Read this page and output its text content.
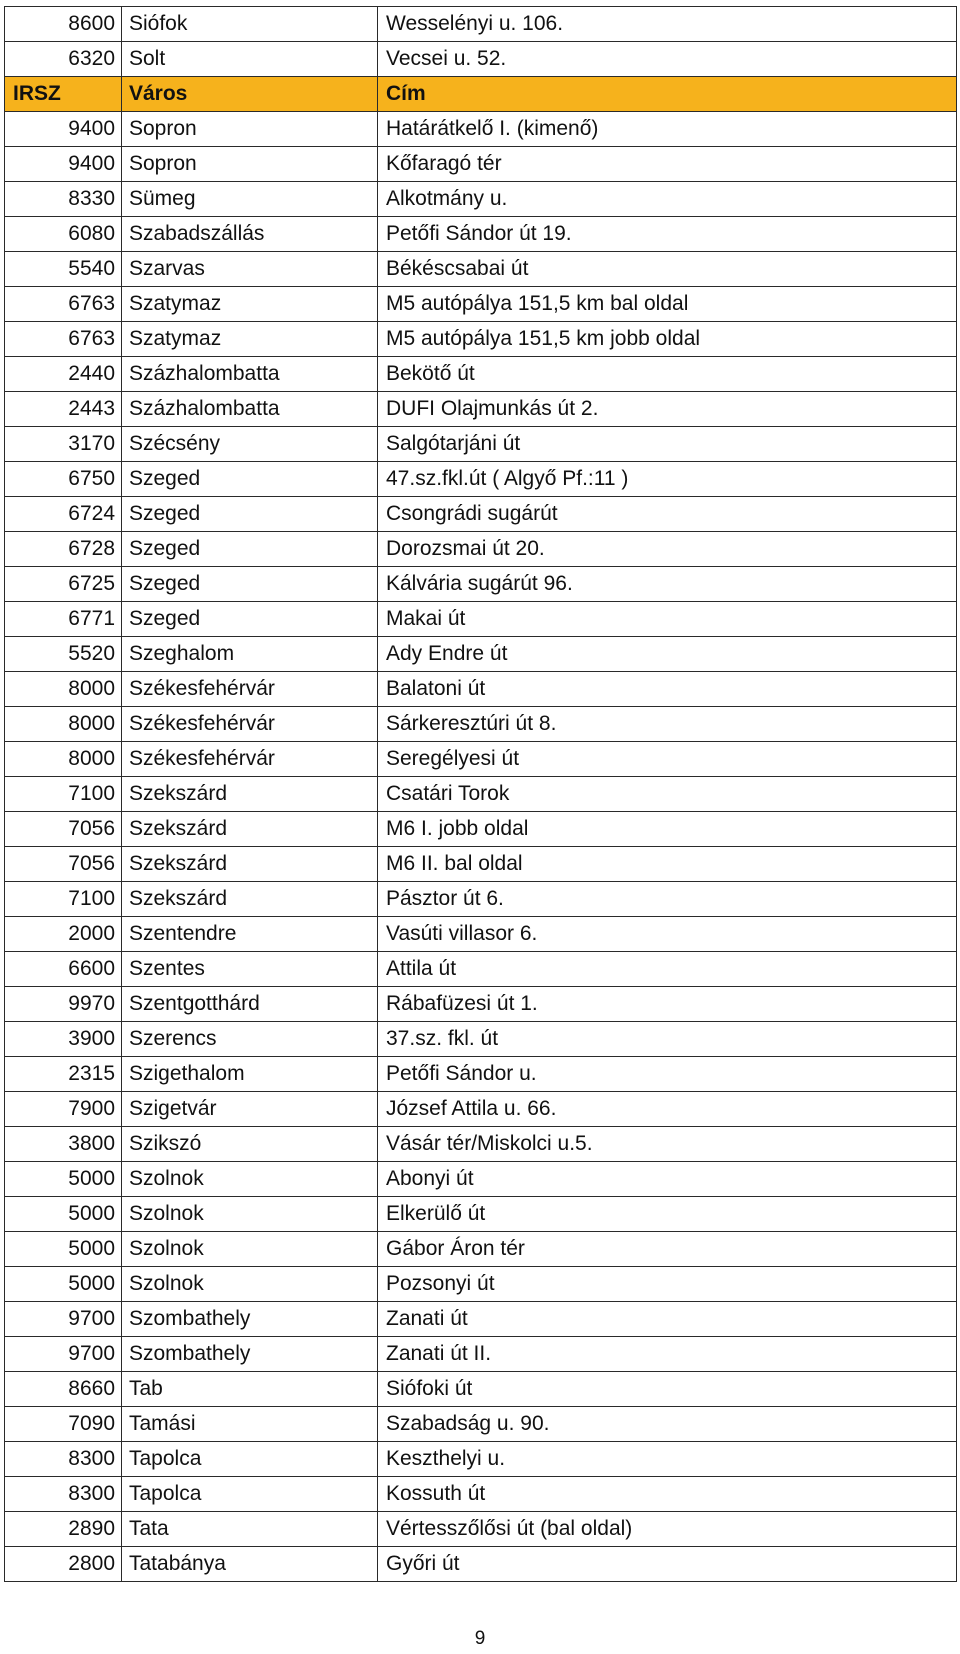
8600	Siófok	Wesselényi u. 106.
6320	Solt	Vecsei u. 52.
IRSZ	Város	Cím
9400	Sopron	Határátkelő I. (kimenő)
9400	Sopron	Kőfaragó tér
8330	Sümeg	Alkotmány u.
6080	Szabadszállás	Petőfi Sándor út 19.
5540	Szarvas	Békéscsabai út
6763	Szatymaz	M5 autópálya 151,5 km bal oldal
6763	Szatymaz	M5 autópálya 151,5 km jobb oldal
2440	Százhalombatta	Bekötő út
2443	Százhalombatta	DUFI Olajmunkás út 2.
3170	Szécsény	Salgótarjáni út
6750	Szeged	47.sz.fkl.út ( Algyő Pf.:11 )
6724	Szeged	Csongrádi sugárút
6728	Szeged	Dorozsmai út 20.
6725	Szeged	Kálvária sugárút 96.
6771	Szeged	Makai út
5520	Szeghalom	Ady Endre út
8000	Székesfehérvár	Balatoni út
8000	Székesfehérvár	Sárkeresztúri út 8.
8000	Székesfehérvár	Seregélyesi út
7100	Szekszárd	Csatári Torok
7056	Szekszárd	M6 I. jobb oldal
7056	Szekszárd	M6 II. bal oldal
7100	Szekszárd	Pásztor út 6.
2000	Szentendre	Vasúti villasor 6.
6600	Szentes	Attila út
9970	Szentgotthárd	Rábafüzesi út 1.
3900	Szerencs	37.sz. fkl. út
2315	Szigethalom	Petőfi Sándor u.
7900	Szigetvár	József Attila u. 66.
3800	Szikszó	Vásár tér/Miskolci u.5.
5000	Szolnok	Abonyi út
5000	Szolnok	Elkerülő út
5000	Szolnok	Gábor Áron tér
5000	Szolnok	Pozsonyi út
9700	Szombathely	Zanati út
9700	Szombathely	Zanati út II.
8660	Tab	Siófoki út
7090	Tamási	Szabadság u. 90.
8300	Tapolca	Keszthelyi u.
8300	Tapolca	Kossuth út
2890	Tata	Vértesszőlősi út (bal oldal)
2800	Tatabánya	Győri út
9
